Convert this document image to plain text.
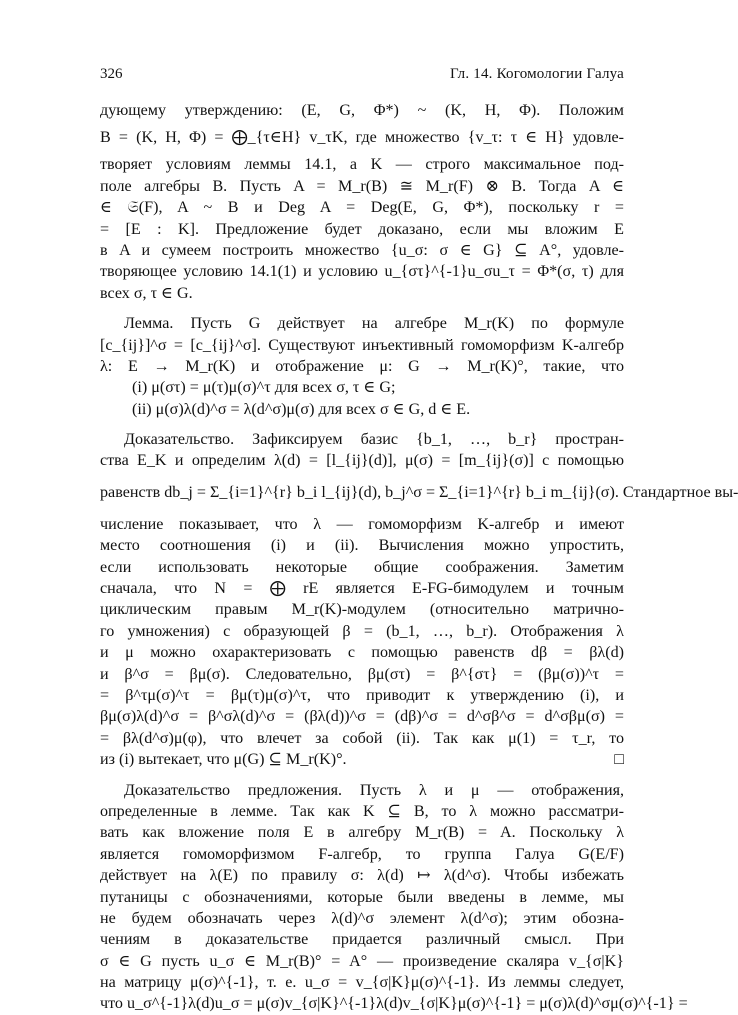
326	Гл. 14. Когомологии Галуа

дующему утверждению: (E, G, Φ*) ~ (K, H, Φ). Положим
B = (K, H, Φ) = ⨁_{τ∈H} v_τK, где множество {v_τ: τ ∈ H} удовле-
творяет условиям леммы 14.1, а K — строго максимальное под-
поле алгебры B. Пусть A = M_r(B) ≅ M_r(F) ⊗ B. Тогда A ∈
∈ 𝔖(F), A ~ B и Deg A = Deg(E, G, Φ*), поскольку r =
= [E : K]. Предложение будет доказано, если мы вложим E
в A и сумеем построить множество {u_σ: σ ∈ G} ⊆ A°, удовле-
творяющее условию 14.1(1) и условию u_{στ}^{-1}u_σu_τ = Φ*(σ, τ) для
всех σ, τ ∈ G.

Лемма. Пусть G действует на алгебре M_r(K) по формуле
[c_{ij}]^σ = [c_{ij}^σ]. Существуют инъективный гомоморфизм K-алгебр
λ: E → M_r(K) и отображение μ: G → M_r(K)°, такие, что
(i) μ(στ) = μ(τ)μ(σ)^τ для всех σ, τ ∈ G;
(ii) μ(σ)λ(d)^σ = λ(d^σ)μ(σ) для всех σ ∈ G, d ∈ E.

Доказательство. Зафиксируем базис {b_1, …, b_r} простран-
ства E_K и определим λ(d) = [l_{ij}(d)], μ(σ) = [m_{ij}(σ)] с помощью
равенств db_j = Σ_{i=1}^{r} b_i l_{ij}(d), b_j^σ = Σ_{i=1}^{r} b_i m_{ij}(σ). Стандартное вы-
числение показывает, что λ — гомоморфизм K-алгебр и имеют
место соотношения (i) и (ii). Вычисления можно упростить,
если использовать некоторые общие соображения. Заметим
сначала, что N = ⨁ rE является E-FG-бимодулем и точным
циклическим правым M_r(K)-модулем (относительно матрично-
го умножения) с образующей β = (b_1, …, b_r). Отображения λ
и μ можно охарактеризовать с помощью равенств dβ = βλ(d)
и β^σ = βμ(σ). Следовательно, βμ(στ) = β^{στ} = (βμ(σ))^τ =
= β^τμ(σ)^τ = βμ(τ)μ(σ)^τ, что приводит к утверждению (i), и
βμ(σ)λ(d)^σ = β^σλ(d)^σ = (βλ(d))^σ = (dβ)^σ = d^σβ^σ = d^σβμ(σ) =
= βλ(d^σ)μ(φ), что влечет за собой (ii). Так как μ(1) = τ_r, то
из (i) вытекает, что μ(G) ⊆ M_r(K)°.	□

Доказательство предложения. Пусть λ и μ — отображения,
определенные в лемме. Так как K ⊆ B, то λ можно рассматри-
вать как вложение поля E в алгебру M_r(B) = A. Поскольку λ
является гомоморфизмом F-алгебр, то группа Галуа G(E/F)
действует на λ(E) по правилу σ: λ(d) ↦ λ(d^σ). Чтобы избежать
путаницы с обозначениями, которые были введены в лемме, мы
не будем обозначать через λ(d)^σ элемент λ(d^σ); этим обозна-
чениям в доказательстве придается различный смысл. При
σ ∈ G пусть u_σ ∈ M_r(B)° = A° — произведение скаляра v_{σ|K}
на матрицу μ(σ)^{-1}, т. е. u_σ = v_{σ|K}μ(σ)^{-1}. Из леммы следует,
что u_σ^{-1}λ(d)u_σ = μ(σ)v_{σ|K}^{-1}λ(d)v_{σ|K}μ(σ)^{-1} = μ(σ)λ(d)^σμ(σ)^{-1} =
